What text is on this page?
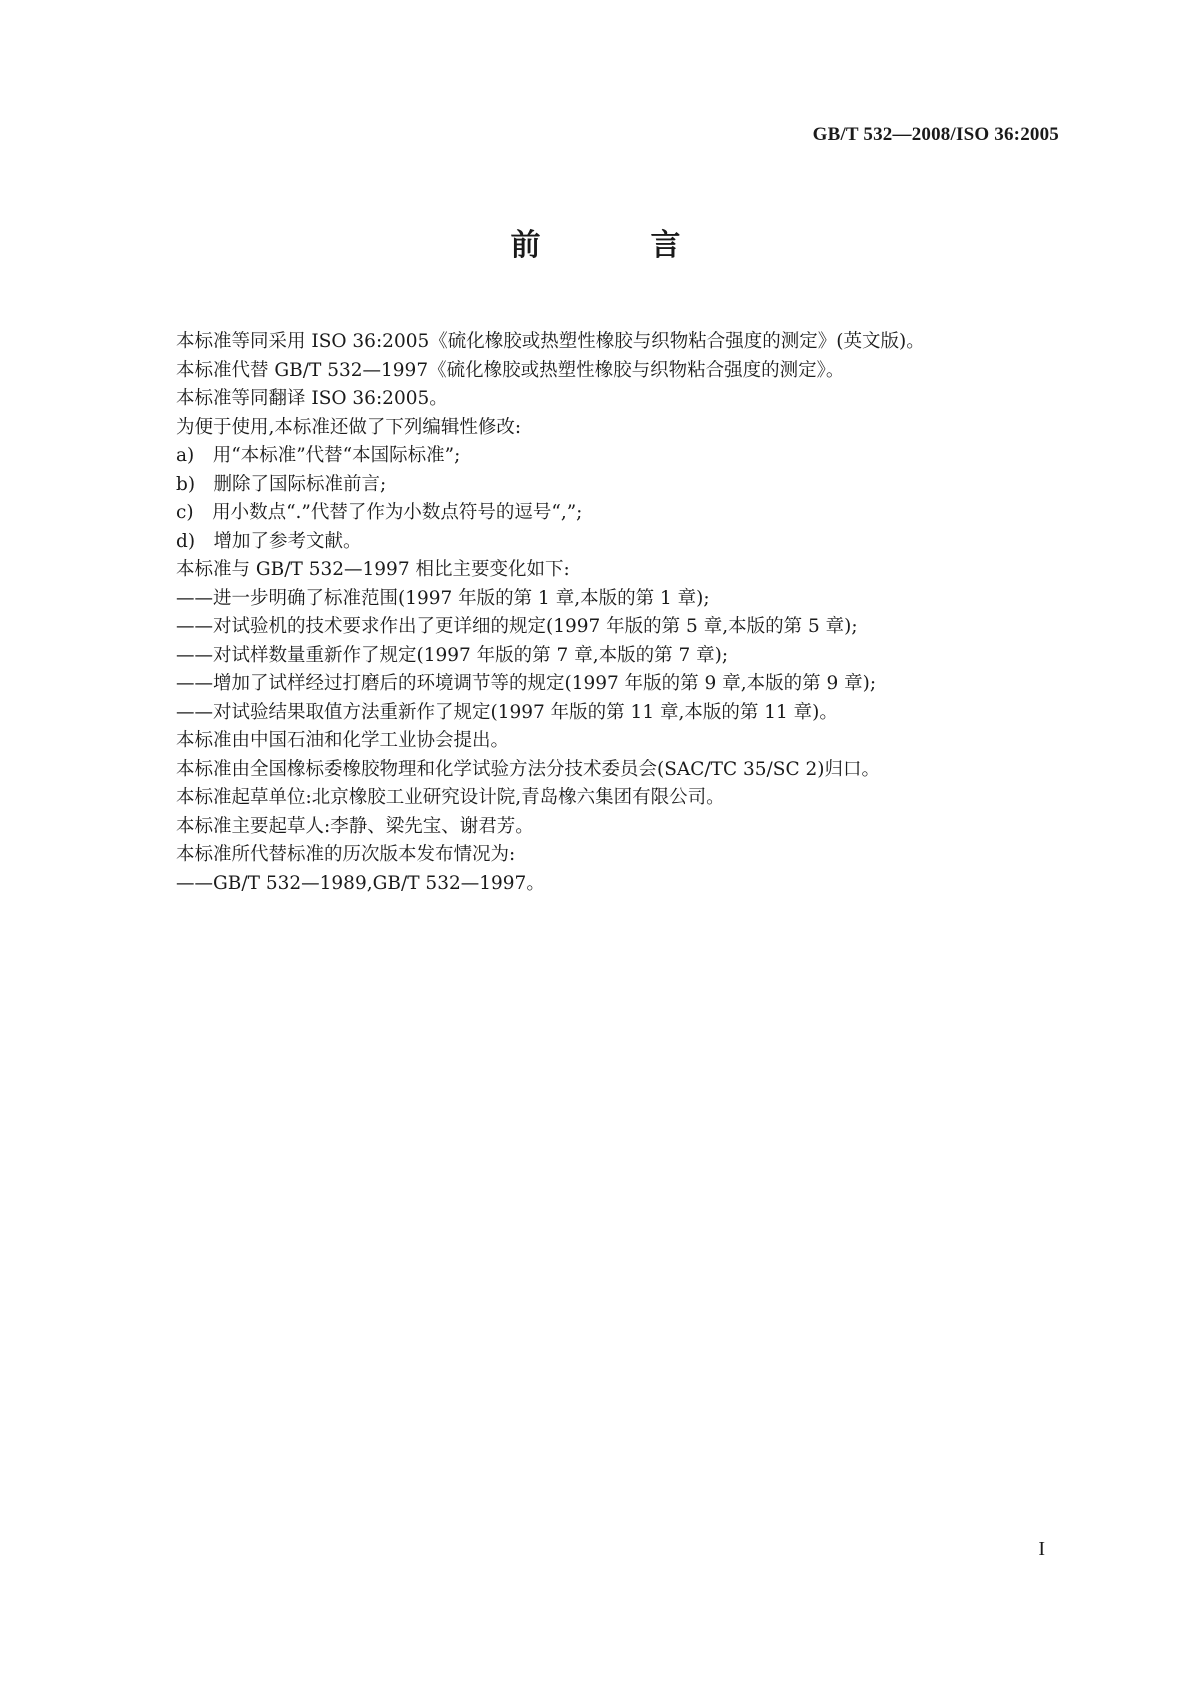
GB/T 532—2008/ISO 36:2005
前　言
本标准等同采用 ISO 36:2005《硫化橡胶或热塑性橡胶与织物粘合强度的测定》(英文版)。
本标准代替 GB/T 532—1997《硫化橡胶或热塑性橡胶与织物粘合强度的测定》。
本标准等同翻译 ISO 36:2005。
为便于使用,本标准还做了下列编辑性修改:
a)　用“本标准”代替“本国际标准”;
b)　删除了国际标准前言;
c)　用小数点“.”代替了作为小数点符号的逗号“,”;
d)　增加了参考文献。
本标准与 GB/T 532—1997 相比主要变化如下:
——进一步明确了标准范围(1997 年版的第 1 章,本版的第 1 章);
——对试验机的技术要求作出了更详细的规定(1997 年版的第 5 章,本版的第 5 章);
——对试样数量重新作了规定(1997 年版的第 7 章,本版的第 7 章);
——增加了试样经过打磨后的环境调节等的规定(1997 年版的第 9 章,本版的第 9 章);
——对试验结果取值方法重新作了规定(1997 年版的第 11 章,本版的第 11 章)。
本标准由中国石油和化学工业协会提出。
本标准由全国橡标委橡胶物理和化学试验方法分技术委员会(SAC/TC 35/SC 2)归口。
本标准起草单位:北京橡胶工业研究设计院,青岛橡六集团有限公司。
本标准主要起草人:李静、梁先宝、谢君芳。
本标准所代替标准的历次版本发布情况为:
——GB/T 532—1989,GB/T 532—1997。
I
